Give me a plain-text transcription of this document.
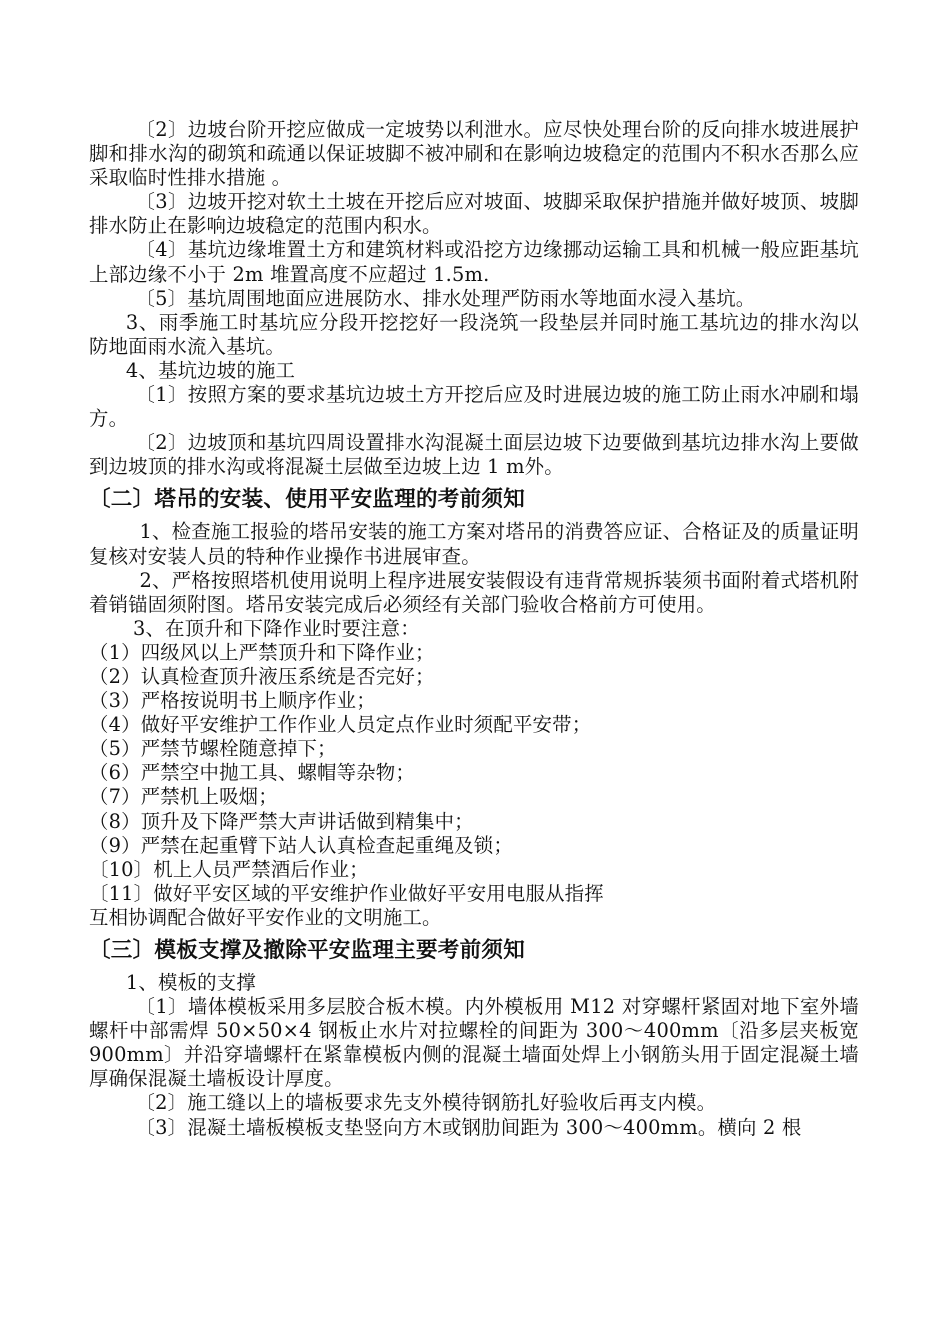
〔2〕边坡台阶开挖应做成一定坡势以利泄水。应尽快处理台阶的反向排水坡进展护脚和排水沟的砌筑和疏通以保证坡脚不被冲刷和在影响边坡稳定的范围内不积水否那么应采取临时性排水措施 。

〔3〕边坡开挖对软土土坡在开挖后应对坡面、坡脚采取保护措施并做好坡顶、坡脚排水防止在影响边坡稳定的范围内积水。

〔4〕基坑边缘堆置土方和建筑材料或沿挖方边缘挪动运输工具和机械一般应距基坑上部边缘不小于 2m 堆置高度不应超过 1.5m.

〔5〕基坑周围地面应进展防水、排水处理严防雨水等地面水浸入基坑。

3、雨季施工时基坑应分段开挖挖好一段浇筑一段垫层并同时施工基坑边的排水沟以防地面雨水流入基坑。

4、基坑边坡的施工

〔1〕按照方案的要求基坑边坡土方开挖后应及时进展边坡的施工防止雨水冲刷和塌方。

〔2〕边坡顶和基坑四周设置排水沟混凝土面层边坡下边要做到基坑边排水沟上要做到边坡顶的排水沟或将混凝土层做至边坡上边 1 m外。

〔二〕塔吊的安装、使用平安监理的考前须知

1、检查施工报验的塔吊安装的施工方案对塔吊的消费答应证、合格证及的质量证明复核对安装人员的特种作业操作书进展审查。

2、严格按照塔机使用说明上程序进展安装假设有违背常规拆装须书面附着式塔机附着销锚固须附图。塔吊安装完成后必须经有关部门验收合格前方可使用。

3、在顶升和下降作业时要注意：

（1）四级风以上严禁顶升和下降作业；

（2）认真检查顶升液压系统是否完好；

（3）严格按说明书上顺序作业；

（4）做好平安维护工作作业人员定点作业时须配平安带；

（5）严禁节螺栓随意掉下；

（6）严禁空中抛工具、螺帽等杂物；

（7）严禁机上吸烟；

（8）顶升及下降严禁大声讲话做到精集中；

（9）严禁在起重臂下站人认真检查起重绳及锁；

〔10〕机上人员严禁酒后作业；

〔11〕做好平安区域的平安维护作业做好平安用电服从指挥

互相协调配合做好平安作业的文明施工。

〔三〕模板支撑及撤除平安监理主要考前须知

1、模板的支撑

〔1〕墙体模板采用多层胶合板木模。内外模板用 M12 对穿螺杆紧固对地下室外墙螺杆中部需焊 50×50×4 钢板止水片对拉螺栓的间距为 300～400mm〔沿多层夹板宽 900mm〕并沿穿墙螺杆在紧靠模板内侧的混凝土墙面处焊上小钢筋头用于固定混凝土墙厚确保混凝土墙板设计厚度。

〔2〕施工缝以上的墙板要求先支外模待钢筋扎好验收后再支内模。

〔3〕混凝土墙板模板支垫竖向方木或钢肋间距为 300～400mm。横向 2 根
